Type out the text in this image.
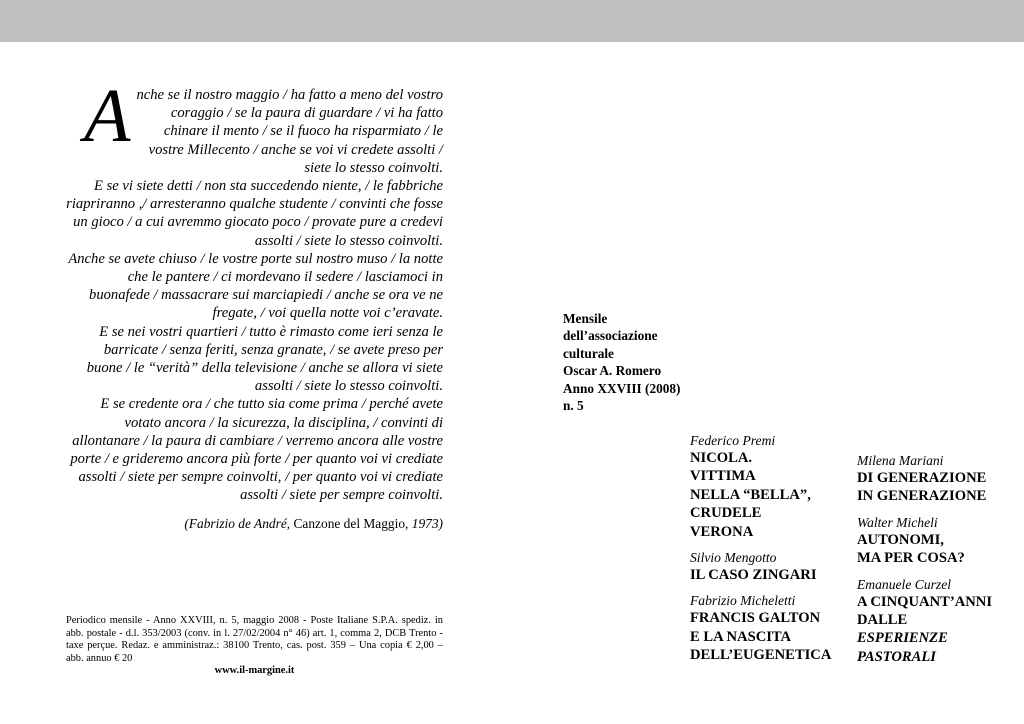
A nche se il nostro maggio / ha fatto a meno del vostro coraggio / se la paura di guardare / vi ha fatto chinare il mento / se il fuoco ha risparmiato / le vostre Millecento / anche se voi vi credete assolti / siete lo stesso coinvolti.

E se vi siete detti / non sta succedendo niente, / le fabbriche riapriranno ,/ arresteranno qualche studente / convinti che fosse un gioco / a cui avremmo giocato poco / provate pure a credevi assolti / siete lo stesso coinvolti.

Anche se avete chiuso / le vostre porte sul nostro muso / la notte che le pantere / ci mordevano il sedere / lasciamoci in buonafede / massacrare sui marciapiedi / anche se ora ve ne fregate, / voi quella notte voi c’eravate.

E se nei vostri quartieri / tutto è rimasto come ieri senza le barricate / senza feriti, senza granate, / se avete preso per buone / le “verità” della televisione / anche se allora vi siete assolti / siete lo stesso coinvolti.

E se credente ora / che tutto sia come prima / perché avete votato ancora / la sicurezza, la disciplina, / convinti di allontanare / la paura di cambiare / verremo ancora alle vostre porte / e grideremo ancora più forte / per quanto voi vi crediate assolti / siete per sempre coinvolti, / per quanto voi vi crediate assolti / siete per sempre coinvolti.

(Fabrizio de André, Canzone del Maggio, 1973)
Periodico mensile - Anno XXVIII, n. 5, maggio 2008 - Poste Italiane S.P.A. spediz. in abb. postale - d.l. 353/2003 (conv. in l. 27/02/2004 n° 46) art. 1, comma 2, DCB Trento - taxe perçue. Redaz. e amministraz.: 38100 Trento, cas. post. 359 – Una copia € 2,00 – abb. annuo € 20
www.il-margine.it
Mensile
dell’associazione
culturale
Oscar A. Romero
Anno XXVIII (2008)
n. 5
Federico Premi
NICOLA.
VITTIMA
NELLA “BELLA”,
CRUDELE
VERONA
Silvio Mengotto
IL CASO ZINGARI
Fabrizio Micheletti
FRANCIS GALTON
E LA NASCITA
DELL’EUGENETICA
Milena Mariani
DI GENERAZIONE
IN GENERAZIONE
Walter Micheli
AUTONOMI,
MA PER COSA?
Emanuele Curzel
A CINQUANT’ANNI
DALLE
ESPERIENZE
PASTORALI
